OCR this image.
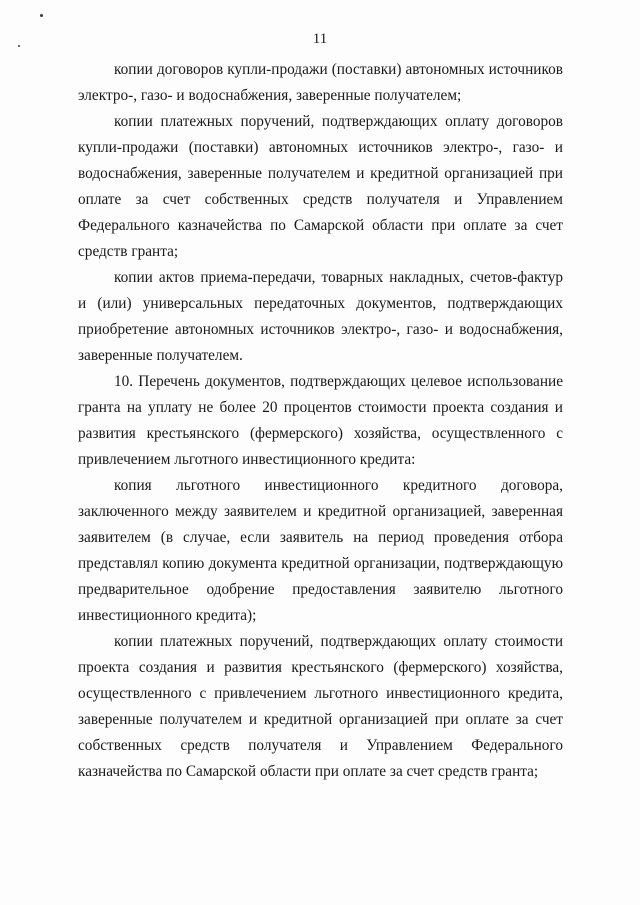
11

копии договоров купли-продажи (поставки) автономных источников электро-, газо- и водоснабжения, заверенные получателем;

копии платежных поручений, подтверждающих оплату договоров купли-продажи (поставки) автономных источников электро-, газо- и водоснабжения, заверенные получателем и кредитной организацией при оплате за счет собственных средств получателя и Управлением Федерального казначейства по Самарской области при оплате за счет средств гранта;

копии актов приема-передачи, товарных накладных, счетов-фактур и (или) универсальных передаточных документов, подтверждающих приобретение автономных источников электро-, газо- и водоснабжения, заверенные получателем.

10. Перечень документов, подтверждающих целевое использование гранта на уплату не более 20 процентов стоимости проекта создания и развития крестьянского (фермерского) хозяйства, осуществленного с привлечением льготного инвестиционного кредита:

копия льготного инвестиционного кредитного договора, заключенного между заявителем и кредитной организацией, заверенная заявителем (в случае, если заявитель на период проведения отбора представлял копию документа кредитной организации, подтверждающую предварительное одобрение предоставления заявителю льготного инвестиционного кредита);

копии платежных поручений, подтверждающих оплату стоимости проекта создания и развития крестьянского (фермерского) хозяйства, осуществленного с привлечением льготного инвестиционного кредита, заверенные получателем и кредитной организацией при оплате за счет собственных средств получателя и Управлением Федерального казначейства по Самарской области при оплате за счет средств гранта;
